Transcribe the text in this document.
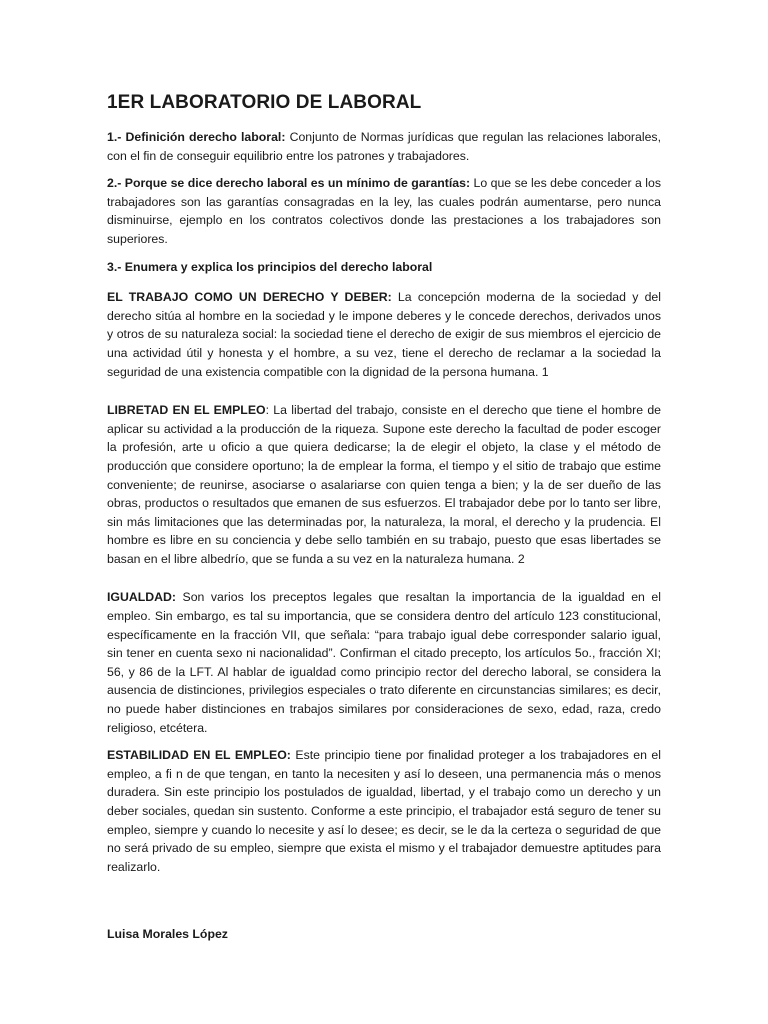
1ER LABORATORIO DE LABORAL

1.- Definición derecho laboral: Conjunto de Normas jurídicas que regulan las relaciones laborales, con el fin de conseguir equilibrio entre los patrones y trabajadores.

2.- Porque se dice derecho laboral es un mínimo de garantías: Lo que se les debe conceder a los trabajadores son las garantías consagradas en la ley, las cuales podrán aumentarse, pero nunca disminuirse, ejemplo en los contratos colectivos donde las prestaciones a los trabajadores son superiores.

3.- Enumera y explica los principios del derecho laboral

EL TRABAJO COMO UN DERECHO Y DEBER: La concepción moderna de la sociedad y del derecho sitúa al hombre en la sociedad y le impone deberes y le concede derechos, derivados unos y otros de su naturaleza social: la sociedad tiene el derecho de exigir de sus miembros el ejercicio de una actividad útil y honesta y el hombre, a su vez, tiene el derecho de reclamar a la sociedad la seguridad de una existencia compatible con la dignidad de la persona humana. 1

LIBRETAD EN EL EMPLEO: La libertad del trabajo, consiste en el derecho que tiene el hombre de aplicar su actividad a la producción de la riqueza. Supone este derecho la facultad de poder escoger la profesión, arte u oficio a que quiera dedicarse; la de elegir el objeto, la clase y el método de producción que considere oportuno; la de emplear la forma, el tiempo y el sitio de trabajo que estime conveniente; de reunirse, asociarse o asalariarse con quien tenga a bien; y la de ser dueño de las obras, productos o resultados que emanen de sus esfuerzos. El trabajador debe por lo tanto ser libre, sin más limitaciones que las determinadas por, la naturaleza, la moral, el derecho y la prudencia. El hombre es libre en su conciencia y debe sello también en su trabajo, puesto que esas libertades se basan en el libre albedrío, que se funda a su vez en la naturaleza humana. 2

IGUALDAD: Son varios los preceptos legales que resaltan la importancia de la igualdad en el empleo. Sin embargo, es tal su importancia, que se considera dentro del artículo 123 constitucional, específicamente en la fracción VII, que señala: “para trabajo igual debe corresponder salario igual, sin tener en cuenta sexo ni nacionalidad”. Confirman el citado precepto, los artículos 5o., fracción XI; 56, y 86 de la LFT. Al hablar de igualdad como principio rector del derecho laboral, se considera la ausencia de distinciones, privilegios especiales o trato diferente en circunstancias similares; es decir, no puede haber distinciones en trabajos similares por consideraciones de sexo, edad, raza, credo religioso, etcétera.

ESTABILIDAD EN EL EMPLEO: Este principio tiene por finalidad proteger a los trabajadores en el empleo, a fi n de que tengan, en tanto la necesiten y así lo deseen, una permanencia más o menos duradera. Sin este principio los postulados de igualdad, libertad, y el trabajo como un derecho y un deber sociales, quedan sin sustento. Conforme a este principio, el trabajador está seguro de tener su empleo, siempre y cuando lo necesite y así lo desee; es decir, se le da la certeza o seguridad de que no será privado de su empleo, siempre que exista el mismo y el trabajador demuestre aptitudes para realizarlo.

Luisa Morales López
